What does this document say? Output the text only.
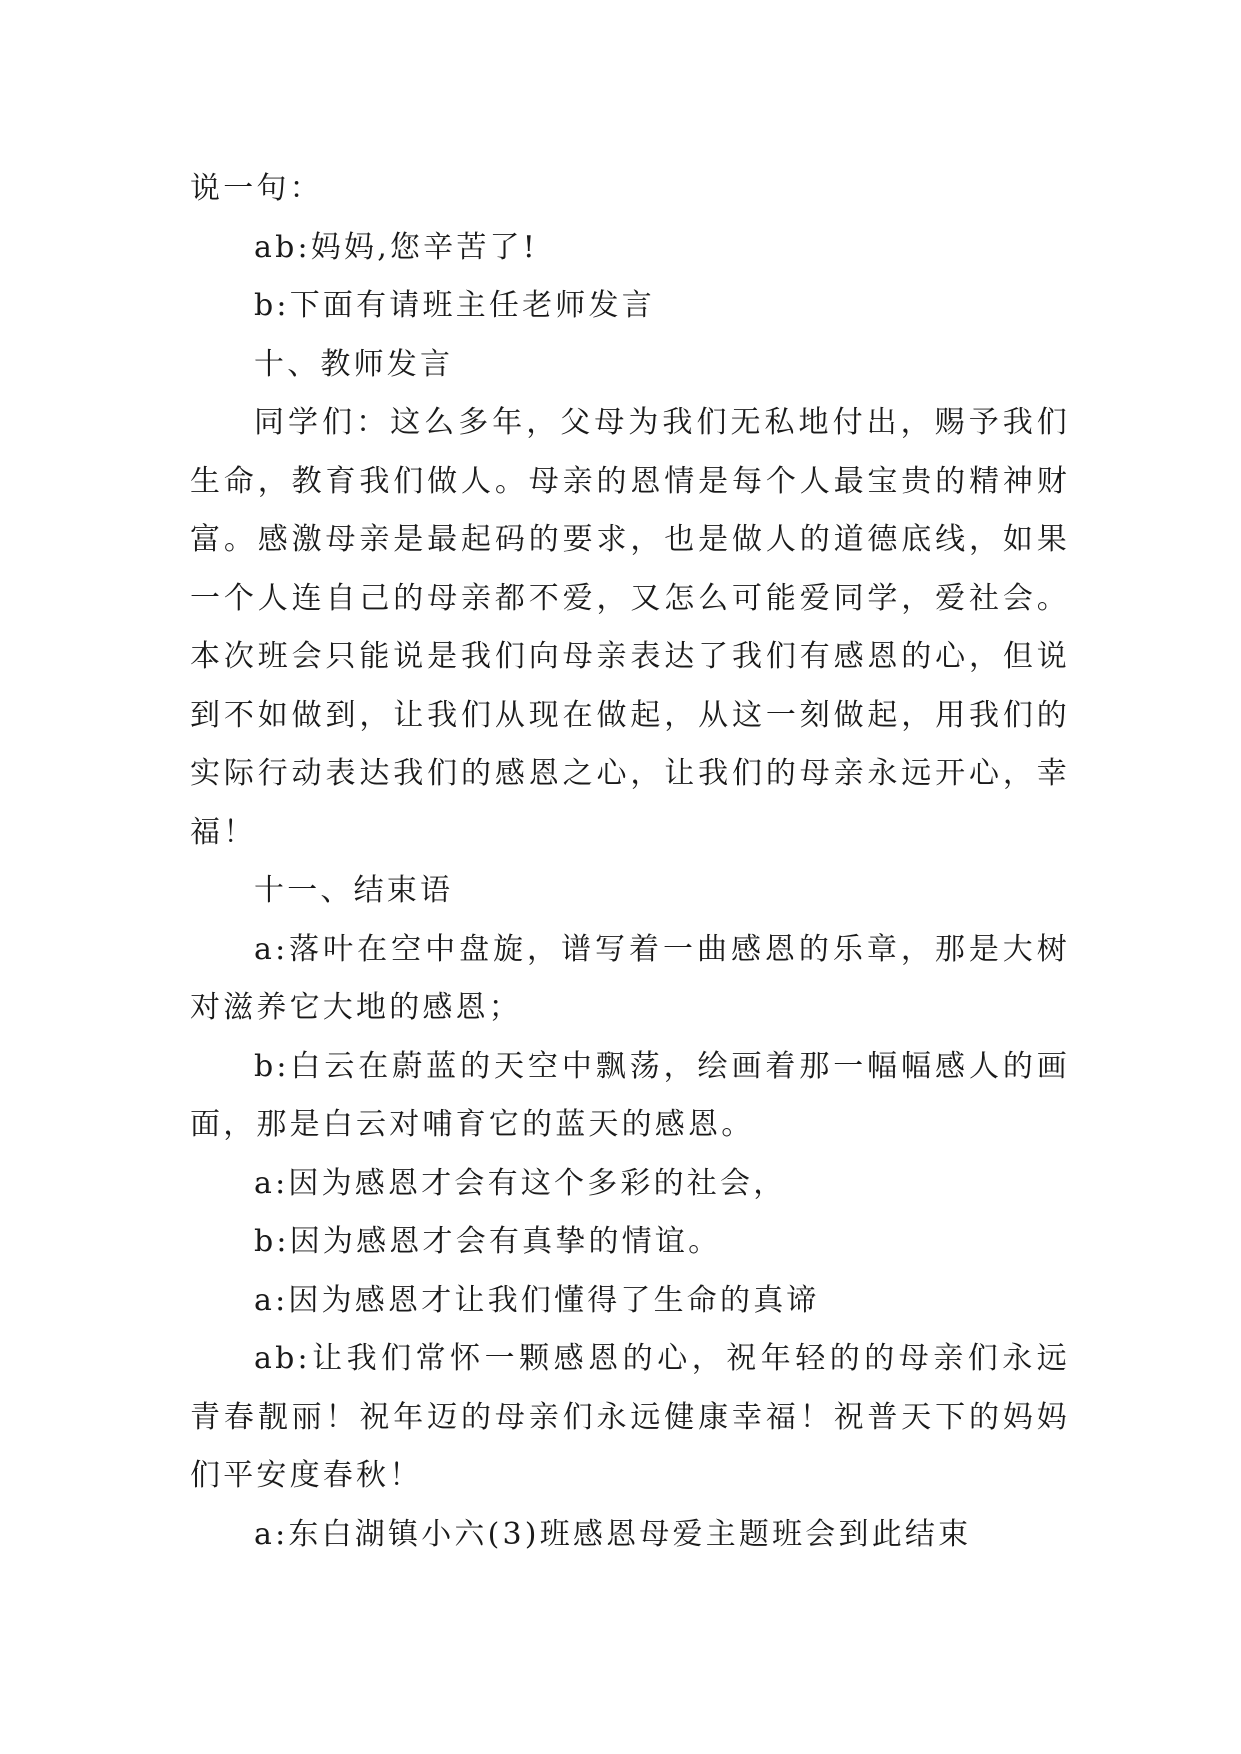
说一句：

ab:妈妈,您辛苦了!

b:下面有请班主任老师发言

十、教师发言

同学们：这么多年，父母为我们无私地付出，赐予我们生命，教育我们做人。母亲的恩情是每个人最宝贵的精神财富。感激母亲是最起码的要求，也是做人的道德底线，如果一个人连自己的母亲都不爱，又怎么可能爱同学，爱社会。本次班会只能说是我们向母亲表达了我们有感恩的心，但说到不如做到，让我们从现在做起，从这一刻做起，用我们的实际行动表达我们的感恩之心，让我们的母亲永远开心，幸福！

十一、结束语

a:落叶在空中盘旋，谱写着一曲感恩的乐章，那是大树对滋养它大地的感恩；

b:白云在蔚蓝的天空中飘荡，绘画着那一幅幅感人的画面，那是白云对哺育它的蓝天的感恩。

a:因为感恩才会有这个多彩的社会，

b:因为感恩才会有真挚的情谊。

a:因为感恩才让我们懂得了生命的真谛

ab:让我们常怀一颗感恩的心，祝年轻的的母亲们永远青春靓丽！祝年迈的母亲们永远健康幸福！祝普天下的妈妈们平安度春秋！

a:东白湖镇小六(3)班感恩母爱主题班会到此结束
